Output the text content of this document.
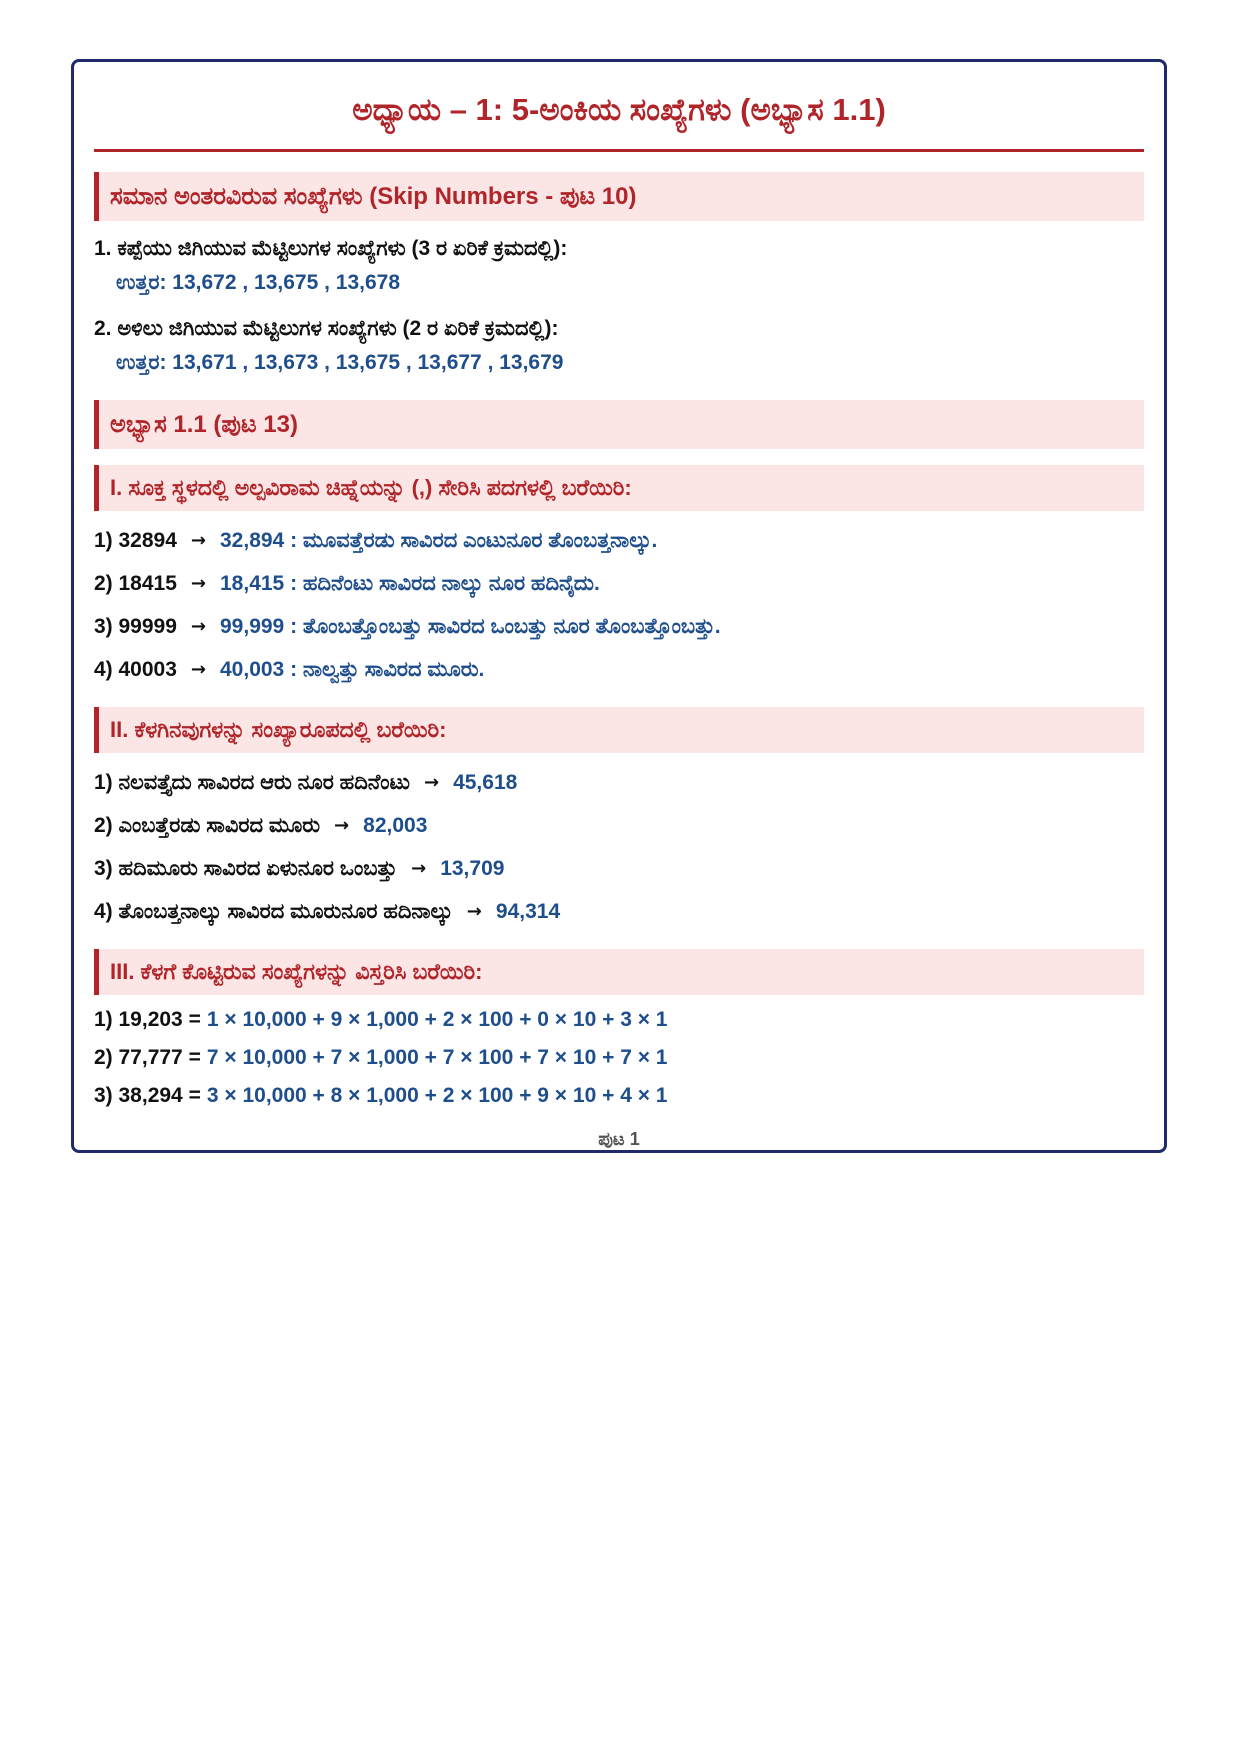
ಅಧ್ಯಾಯ – 1: 5-ಅಂಕಿಯ ಸಂಖ್ಯೆಗಳು (ಅಭ್ಯಾಸ 1.1)
ಸಮಾನ ಅಂತರವಿರುವ ಸಂಖ್ಯೆಗಳು (Skip Numbers - ಪುಟ 10)
1. ಕಪ್ಪೆಯು ಜಿಗಿಯುವ ಮೆಟ್ಟಿಲುಗಳ ಸಂಖ್ಯೆಗಳು (3 ರ ಏರಿಕೆ ಕ್ರಮದಲ್ಲಿ):
ಉತ್ತರ: 13,672 , 13,675 , 13,678
2. ಅಳಿಲು ಜಿಗಿಯುವ ಮೆಟ್ಟಿಲುಗಳ ಸಂಖ್ಯೆಗಳು (2 ರ ಏರಿಕೆ ಕ್ರಮದಲ್ಲಿ):
ಉತ್ತರ: 13,671 , 13,673 , 13,675 , 13,677 , 13,679
ಅಭ್ಯಾಸ 1.1 (ಪುಟ 13)
I. ಸೂಕ್ತ ಸ್ಥಳದಲ್ಲಿ ಅಲ್ಪವಿರಾಮ ಚಿಹ್ನೆಯನ್ನು (,) ಸೇರಿಸಿ ಪದಗಳಲ್ಲಿ ಬರೆಯಿರಿ:
1) 32894 → 32,894 : ಮೂವತ್ತೆರಡು ಸಾವಿರದ ಎಂಟುನೂರ ತೊಂಬತ್ತನಾಲ್ಕು.
2) 18415 → 18,415 : ಹದಿನೆಂಟು ಸಾವಿರದ ನಾಲ್ಕು ನೂರ ಹದಿನೈದು.
3) 99999 → 99,999 : ತೊಂಬತ್ತೊಂಬತ್ತು ಸಾವಿರದ ಒಂಬತ್ತು ನೂರ ತೊಂಬತ್ತೊಂಬತ್ತು.
4) 40003 → 40,003 : ನಾಲ್ವತ್ತು ಸಾವಿರದ ಮೂರು.
II. ಕೆಳಗಿನವುಗಳನ್ನು ಸಂಖ್ಯಾರೂಪದಲ್ಲಿ ಬರೆಯಿರಿ:
1) ನಲವತ್ತೈದು ಸಾವಿರದ ಆರು ನೂರ ಹದಿನೆಂಟು → 45,618
2) ಎಂಬತ್ತೆರಡು ಸಾವಿರದ ಮೂರು → 82,003
3) ಹದಿಮೂರು ಸಾವಿರದ ಏಳುನೂರ ಒಂಬತ್ತು → 13,709
4) ತೊಂಬತ್ತನಾಲ್ಕು ಸಾವಿರದ ಮೂರುನೂರ ಹದಿನಾಲ್ಕು → 94,314
III. ಕೆಳಗೆ ಕೊಟ್ಟಿರುವ ಸಂಖ್ಯೆಗಳನ್ನು ವಿಸ್ತರಿಸಿ ಬರೆಯಿರಿ:
1) 19,203 = 1 × 10,000 + 9 × 1,000 + 2 × 100 + 0 × 10 + 3 × 1
2) 77,777 = 7 × 10,000 + 7 × 1,000 + 7 × 100 + 7 × 10 + 7 × 1
3) 38,294 = 3 × 10,000 + 8 × 1,000 + 2 × 100 + 9 × 10 + 4 × 1
ಪುಟ 1
